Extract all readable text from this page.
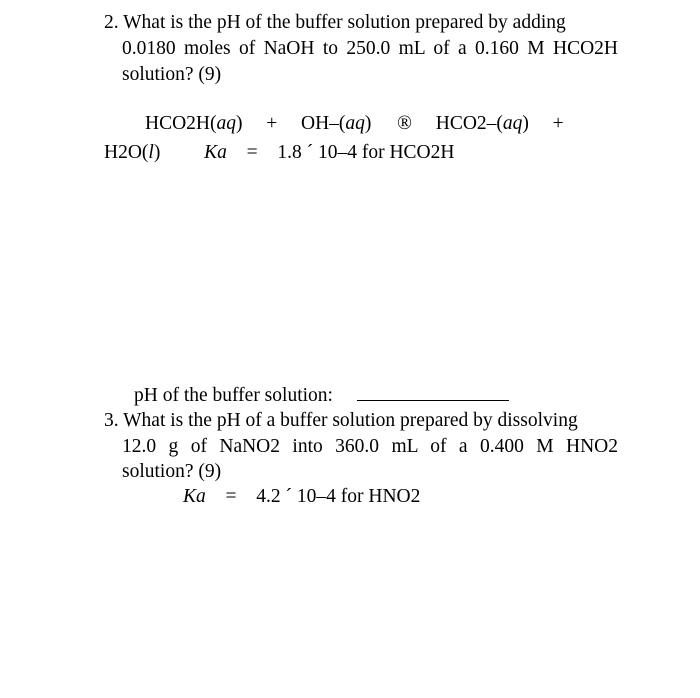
2. What is the pH of the buffer solution prepared by adding
0.0180 moles of NaOH to 250.0 mL of a 0.160 M HCO2H
solution? (9)
HCO2H(aq) + OH–(aq) ® HCO2–(aq) +
H2O(l) Ka = 1.8 ´ 10–4 for HCO2H
pH of the buffer solution:
3. What is the pH of a buffer solution prepared by dissolving
12.0 g of NaNO2 into 360.0 mL of a 0.400 M HNO2
solution? (9)
Ka = 4.2 ´ 10–4 for HNO2
